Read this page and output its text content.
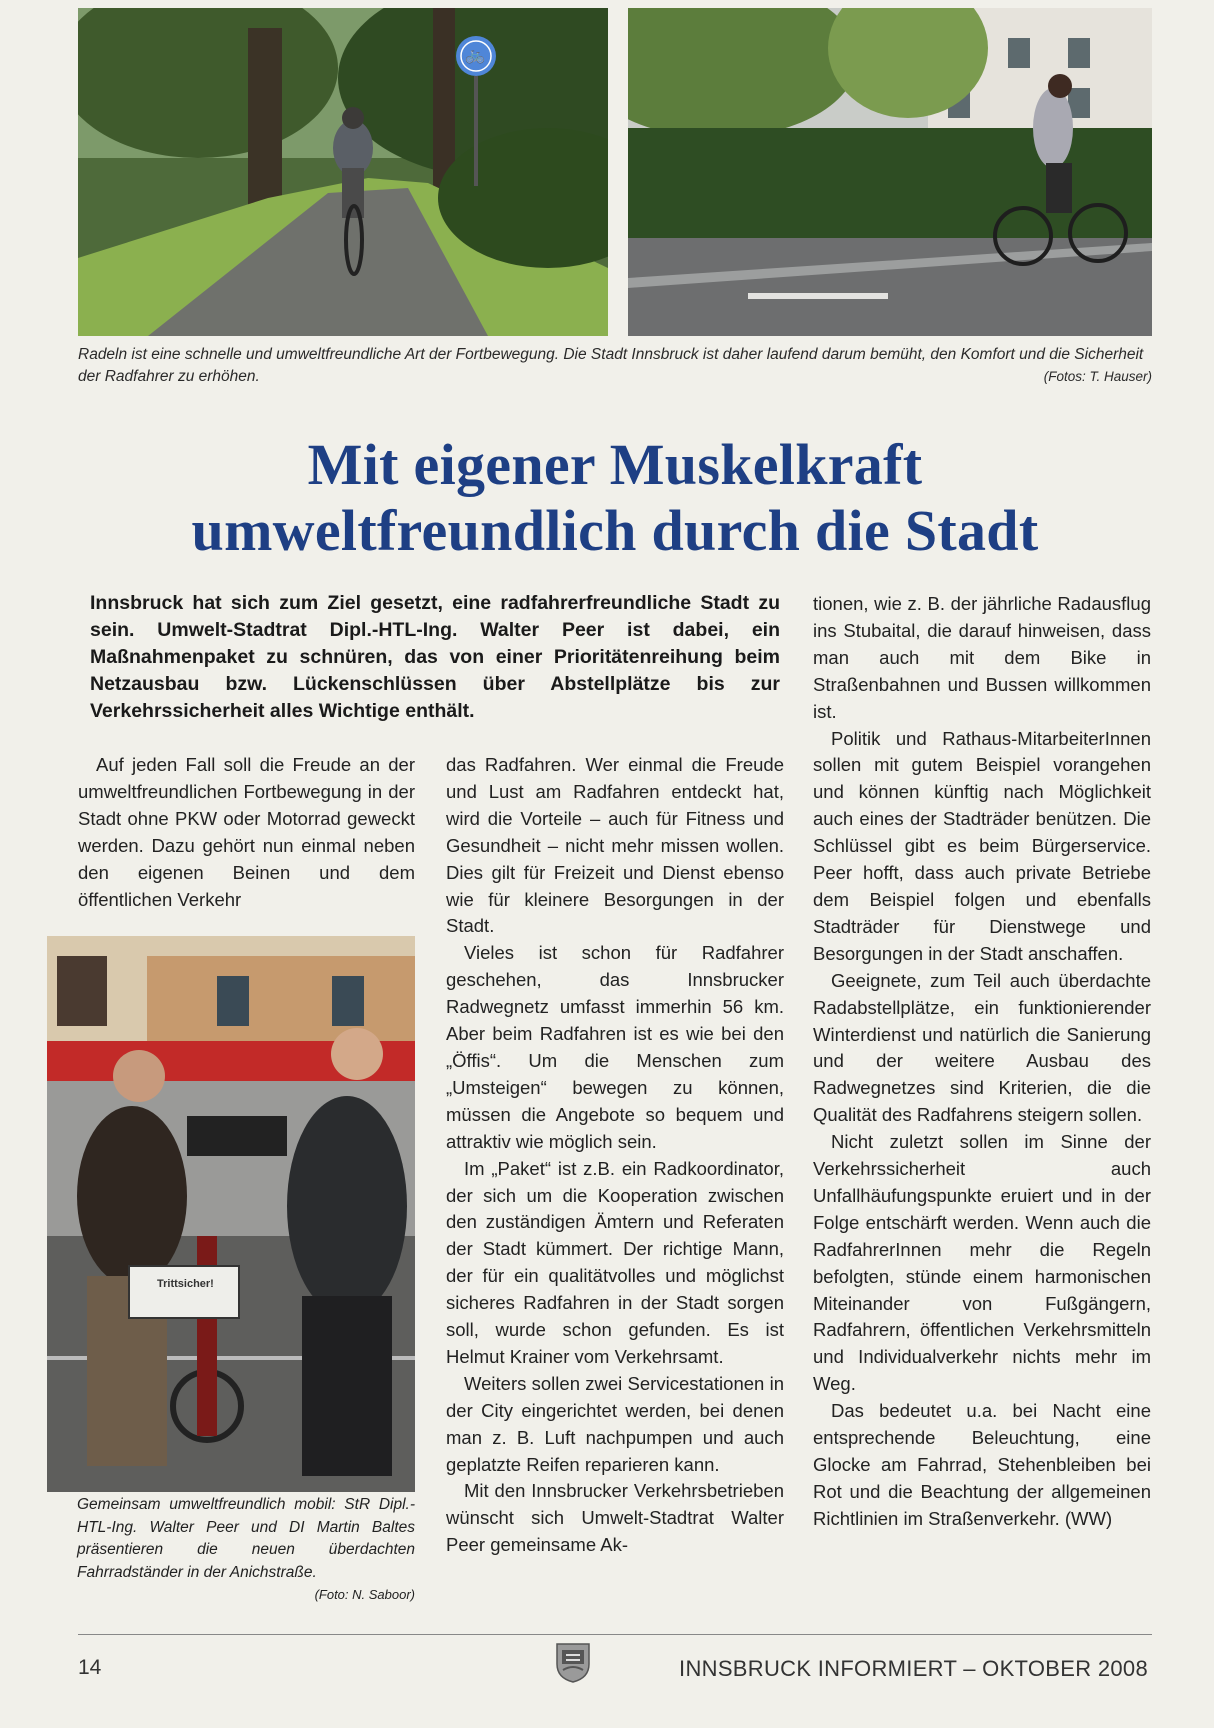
🚲
Radeln ist eine schnelle und umweltfreundliche Art der Fortbewegung. Die Stadt Innsbruck ist daher laufend darum bemüht, den Komfort und die Sicherheit der Radfahrer zu erhöhen.	(Fotos: T. Hauser)
Mit eigener Muskelkraft
umweltfreundlich durch die Stadt

Innsbruck hat sich zum Ziel gesetzt, eine radfahrerfreundliche Stadt zu sein. Umwelt-Stadtrat Dipl.-HTL-Ing. Walter Peer ist dabei, ein Maßnahmenpaket zu schnüren, das von einer Prioritätenreihung beim Netzausbau bzw. Lückenschlüssen über Abstellplätze bis zur Verkehrssicherheit alles Wichtige enthält.

Auf jeden Fall soll die Freude an der umweltfreundlichen Fortbewegung in der Stadt ohne PKW oder Motorrad geweckt werden. Dazu gehört nun einmal neben den eigenen Beinen und dem öffentlichen Verkehr

Trittsicher!
Gemeinsam umweltfreundlich mobil: StR Dipl.-HTL-Ing. Walter Peer und DI Martin Baltes präsentieren die neuen überdachten Fahrradständer in der Anichstraße.
(Foto: N. Saboor)

das Radfahren. Wer einmal die Freude und Lust am Radfahren entdeckt hat, wird die Vorteile – auch für Fitness und Gesundheit – nicht mehr missen wollen. Dies gilt für Freizeit und Dienst ebenso wie für kleinere Besorgungen in der Stadt.

Vieles ist schon für Radfahrer geschehen, das Innsbrucker Radwegnetz umfasst immerhin 56 km. Aber beim Radfahren ist es wie bei den „Öffis“. Um die Menschen zum „Umsteigen“ bewegen zu können, müssen die Angebote so bequem und attraktiv wie möglich sein.

Im „Paket“ ist z.B. ein Radkoordinator, der sich um die Kooperation zwischen den zuständigen Ämtern und Referaten der Stadt kümmert. Der richtige Mann, der für ein qualitätvolles und möglichst sicheres Radfahren in der Stadt sorgen soll, wurde schon gefunden. Es ist Helmut Krainer vom Verkehrsamt.

Weiters sollen zwei Servicestationen in der City eingerichtet werden, bei denen man z. B. Luft nachpumpen und auch geplatzte Reifen reparieren kann.

Mit den Innsbrucker Verkehrsbetrieben wünscht sich Umwelt-Stadtrat Walter Peer gemeinsame Ak-

tionen, wie z. B. der jährliche Radausflug ins Stubaital, die darauf hinweisen, dass man auch mit dem Bike in Straßenbahnen und Bussen willkommen ist.

Politik und Rathaus-MitarbeiterInnen sollen mit gutem Beispiel vorangehen und können künftig nach Möglichkeit auch eines der Stadträder benützen. Die Schlüssel gibt es beim Bürgerservice. Peer hofft, dass auch private Betriebe dem Beispiel folgen und ebenfalls Stadträder für Dienstwege und Besorgungen in der Stadt anschaffen.

Geeignete, zum Teil auch überdachte Radabstellplätze, ein funktionierender Winterdienst und natürlich die Sanierung und der weitere Ausbau des Radwegnetzes sind Kriterien, die die Qualität des Radfahrens steigern sollen.

Nicht zuletzt sollen im Sinne der Verkehrssicherheit auch Unfallhäufungspunkte eruiert und in der Folge entschärft werden. Wenn auch die RadfahrerInnen mehr die Regeln befolgten, stünde einem harmonischen Miteinander von Fußgängern, Radfahrern, öffentlichen Verkehrsmitteln und Individualverkehr nichts mehr im Weg.

Das bedeutet u.a. bei Nacht eine entsprechende Beleuchtung, eine Glocke am Fahrrad, Stehenbleiben bei Rot und die Beachtung der allgemeinen Richtlinien im Straßenverkehr. (WW)

14	INNSBRUCK INFORMIERT – OKTOBER 2008
